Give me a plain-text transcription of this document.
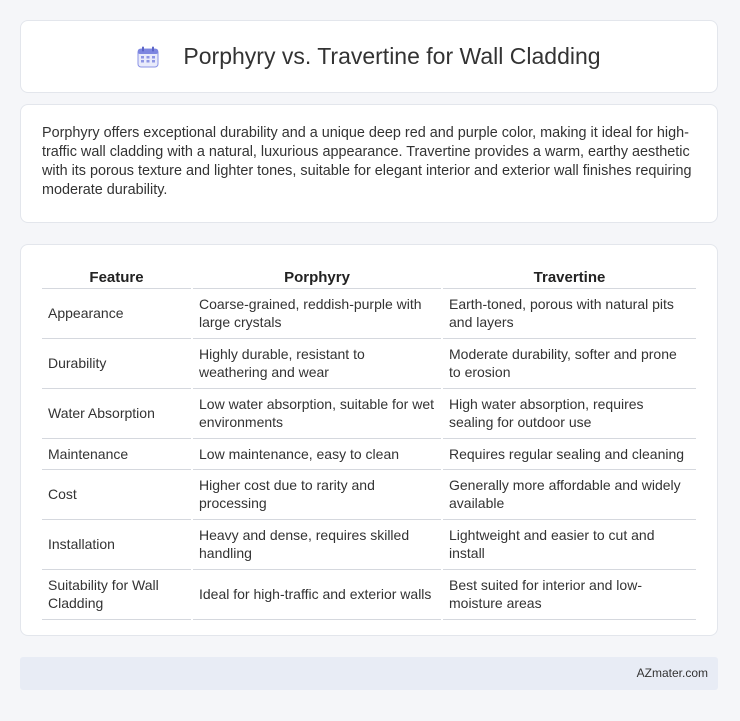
Porphyry vs. Travertine for Wall Cladding

Porphyry offers exceptional durability and a unique deep red and purple color, making it ideal for high-traffic wall cladding with a natural, luxurious appearance. Travertine provides a warm, earthy aesthetic with its porous texture and lighter tones, suitable for elegant interior and exterior wall finishes requiring moderate durability.

Feature	Porphyry	Travertine
Appearance	Coarse-grained, reddish-purple with large crystals	Earth-toned, porous with natural pits and layers
Durability	Highly durable, resistant to weathering and wear	Moderate durability, softer and prone to erosion
Water Absorption	Low water absorption, suitable for wet environments	High water absorption, requires sealing for outdoor use
Maintenance	Low maintenance, easy to clean	Requires regular sealing and cleaning
Cost	Higher cost due to rarity and processing	Generally more affordable and widely available
Installation	Heavy and dense, requires skilled handling	Lightweight and easier to cut and install
Suitability for Wall Cladding	Ideal for high-traffic and exterior walls	Best suited for interior and low-moisture areas
AZmater.com
